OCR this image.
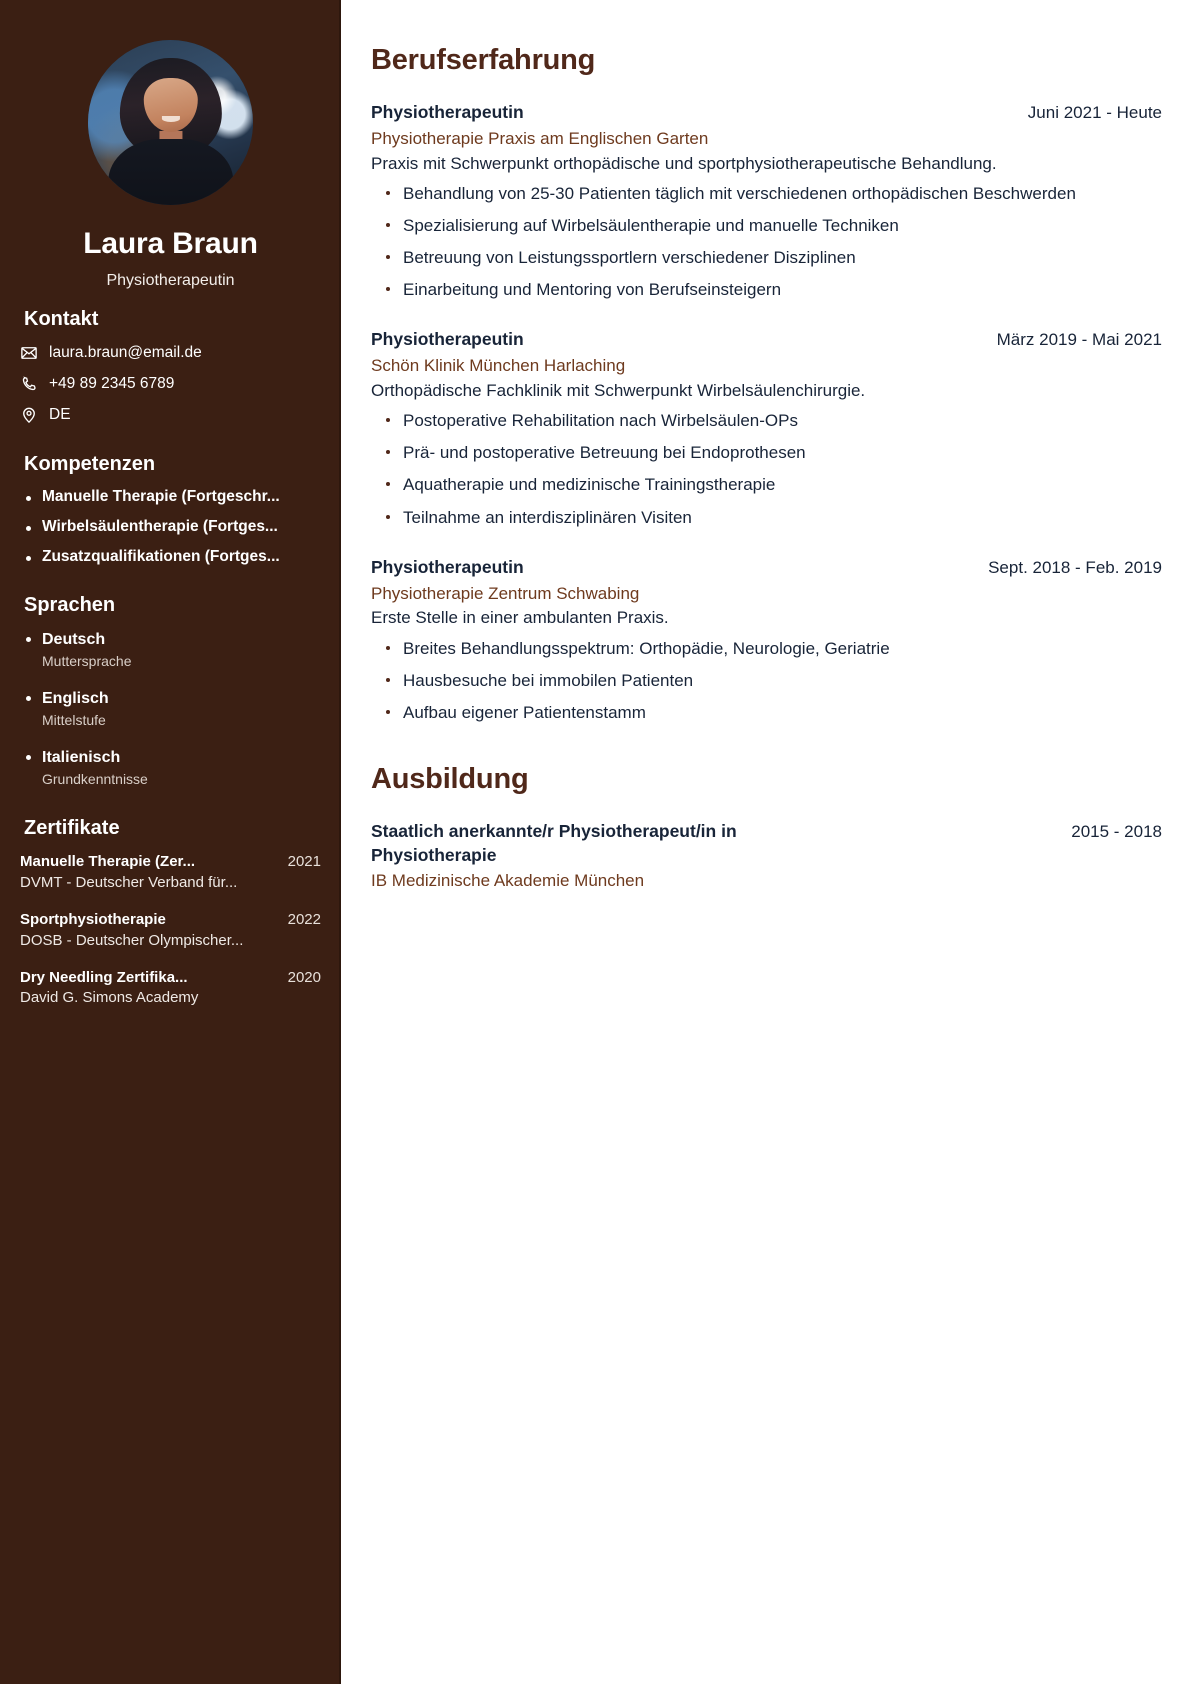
Laura Braun
Physiotherapeutin
Kontakt
laura.braun@email.de
+49 89 2345 6789
DE
Kompetenzen
Manuelle Therapie (Fortgeschr...
Wirbelsäulentherapie (Fortges...
Zusatzqualifikationen (Fortges...
Sprachen
Deutsch
Muttersprache
Englisch
Mittelstufe
Italienisch
Grundkenntnisse
Zertifikate
Manuelle Therapie (Zer...	2021
DVMT - Deutscher Verband für...
Sportphysiotherapie	2022
DOSB - Deutscher Olympischer...
Dry Needling Zertifika...	2020
David G. Simons Academy
Berufserfahrung
Physiotherapeutin	Juni 2021 - Heute
Physiotherapie Praxis am Englischen Garten
Praxis mit Schwerpunkt orthopädische und sportphysiotherapeutische Behandlung.
Behandlung von 25-30 Patienten täglich mit verschiedenen orthopädischen Beschwerden
Spezialisierung auf Wirbelsäulentherapie und manuelle Techniken
Betreuung von Leistungssportlern verschiedener Disziplinen
Einarbeitung und Mentoring von Berufseinsteigern
Physiotherapeutin	März 2019 - Mai 2021
Schön Klinik München Harlaching
Orthopädische Fachklinik mit Schwerpunkt Wirbelsäulenchirurgie.
Postoperative Rehabilitation nach Wirbelsäulen-OPs
Prä- und postoperative Betreuung bei Endoprothesen
Aquatherapie und medizinische Trainingstherapie
Teilnahme an interdisziplinären Visiten
Physiotherapeutin	Sept. 2018 - Feb. 2019
Physiotherapie Zentrum Schwabing
Erste Stelle in einer ambulanten Praxis.
Breites Behandlungsspektrum: Orthopädie, Neurologie, Geriatrie
Hausbesuche bei immobilen Patienten
Aufbau eigener Patientenstamm
Ausbildung
Staatlich anerkannte/r Physiotherapeut/in in Physiotherapie
2015 - 2018
IB Medizinische Akademie München
